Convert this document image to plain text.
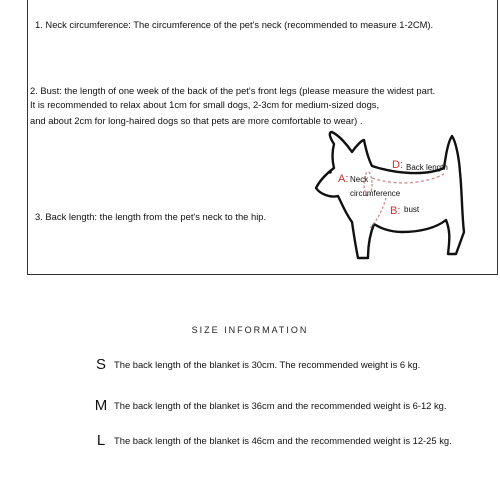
1. Neck circumference: The circumference of the pet's neck (recommended to measure 1-2CM).
2. Bust: the length of one week of the back of the pet's front legs (please measure the widest part.
It is recommended to relax about 1cm for small dogs, 2-3cm for medium-sized dogs,
and about 2cm for long-haired dogs so that pets are more comfortable to wear) .
3. Back length: the length from the pet's neck to the hip.
D: Back length
A: Neck
circumference
B: bust
SIZE INFORMATION
S The back length of the blanket is 30cm. The recommended weight is 6 kg.
M The back length of the blanket is 36cm and the recommended weight is 6-12 kg.
L The back length of the blanket is 46cm and the recommended weight is 12-25 kg.
